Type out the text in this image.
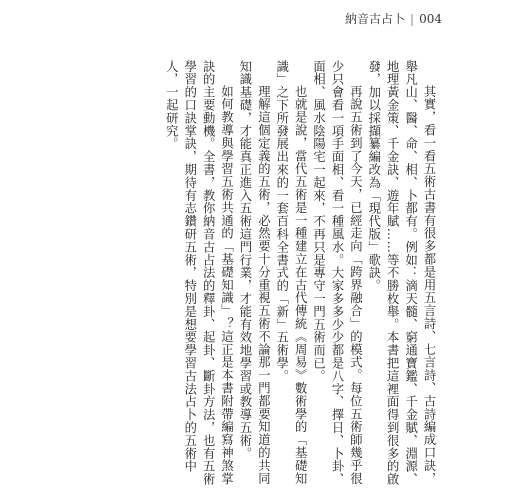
納音古占卜 | 004

其實，看一看五術古書有很多都是用五言詩、七言詩、古詩編成口訣，舉凡山、醫、命、相、卜都有。例如：滴天髓、窮通寶鑑、千金賦、淵源、地理黃金策、千金訣、遊年賦……等不勝枚舉。本書把這裡面得到很多的啟發，加以採擷纂編改為「現代版」歌訣。

再說五術到了今天，已經走向「跨界融合」的模式。每位五術師幾乎很少只會看一項手面相、看一種風水。大家多多少少都是八字、擇日、卜卦、面相、風水陰陽宅一起來，不再只是專守一門五術而已。

也就是說，當代五術是一種建立在古代傳統《周易》數術學的「基礎知識」之下所發展出來的一套百科全書式的「新」五術學。

理解這個定義的五術，必然要十分重視五術不論那一門都要知道的共同知識基礎，才能真正進入五術這門行業，才能有效地學習或教導五術。

如何教導與學習五術共通的「基礎知識」？這正是本書附帶編寫神煞掌訣的主要動機。全書，教你納音古占法的釋卦、起卦、斷卦方法，也有五術學習的口訣掌訣，期待有志鑽研五術，特別是想要學習古法占卜的五術中人，一起研究。
